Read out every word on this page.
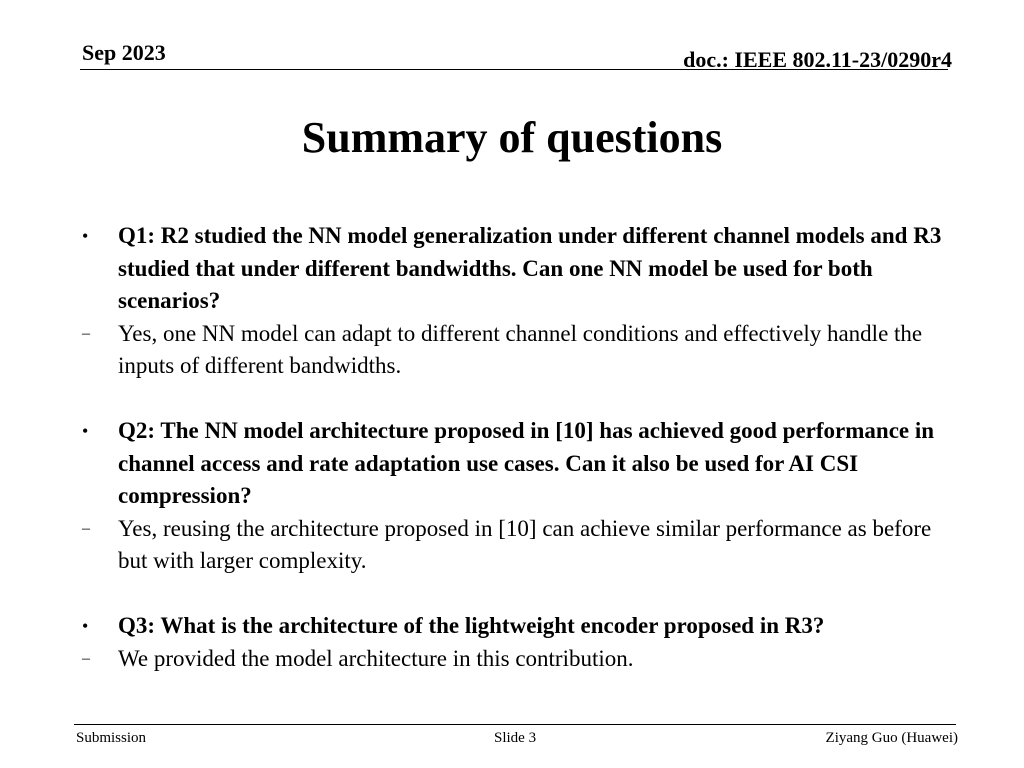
Sep 2023	doc.: IEEE 802.11-23/0290r4
Summary of questions
•	Q1: R2 studied the NN model generalization under different channel models and R3 studied that under different bandwidths. Can one NN model be used for both scenarios?
–	Yes, one NN model can adapt to different channel conditions and effectively handle the inputs of different bandwidths.
•	Q2: The NN model architecture proposed in [10] has achieved good performance in channel access and rate adaptation use cases. Can it also be used for AI CSI compression?
–	Yes, reusing the architecture proposed in [10] can achieve similar performance as before but with larger complexity.
•	Q3: What is the architecture of the lightweight encoder proposed in R3?
–	We provided the model architecture in this contribution.
Submission	Slide 3	Ziyang Guo (Huawei)
